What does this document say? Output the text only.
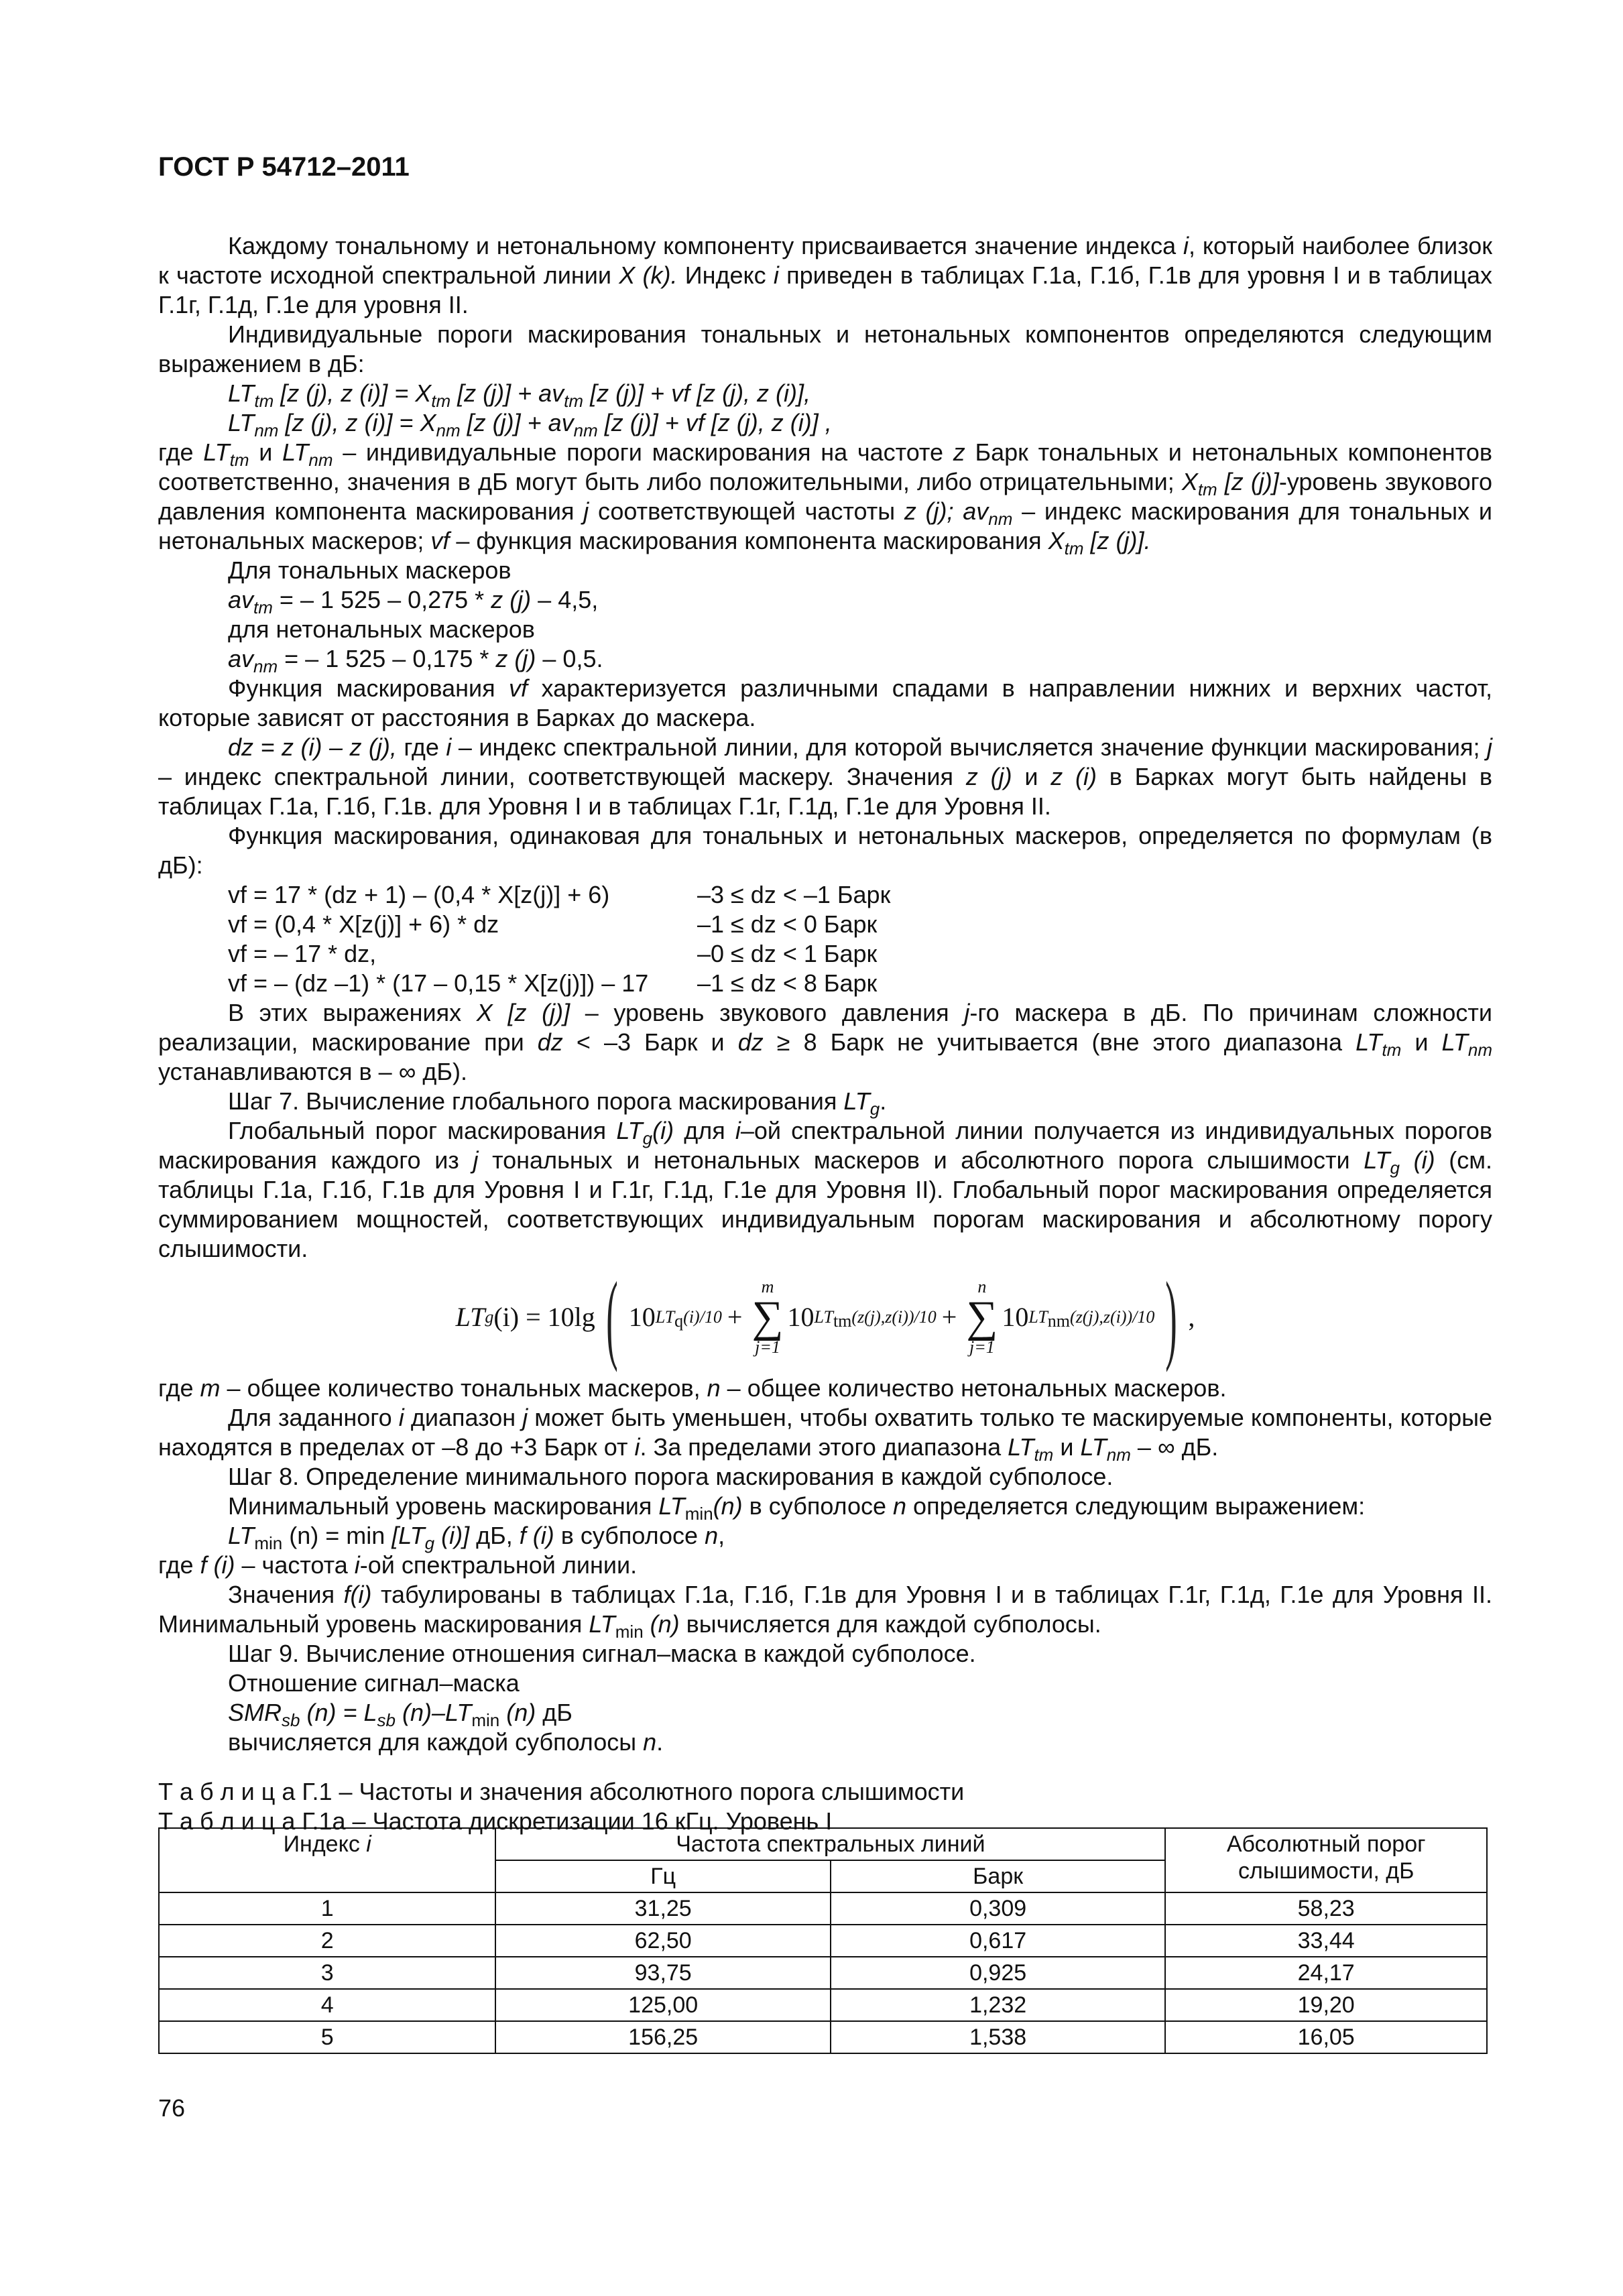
ГОСТ Р 54712–2011

Каждому тональному и нетональному компоненту присваивается значение индекса i, который наиболее близок к частоте исходной спектральной линии X (k). Индекс i приведен в таблицах Г.1а, Г.1б, Г.1в для уровня I и в таблицах Г.1г, Г.1д, Г.1е для уровня II.

Индивидуальные пороги маскирования тональных и нетональных компонентов определяются следующим выражением в дБ:

$LT_{tm}$ [z (j), z $(i)] = X_{tm}$ [z $(j)] + av_{tm}$ [z (j)] + vf [z (j), z (i)],

$LT_{nm}$ [z (j), z $(i)] = X_{nm}$ [z $(j)] + av_{nm}$ [z (j)] + vf [z (j), z (i)] ,

где $LT_{tm}$ и $LT_{nm}$ – индивидуальные пороги маскирования на частоте z Барк тональных и нетональных компонентов соответственно, значения в дБ могут быть либо положительными, либо отрицательными; $X_{tm}$ [z (j)]-уровень звукового давления компонента маскирования j соответствующей частоты z (j); $av_{nm}$ – индекс маскирования для тональных и нетональных маскеров; vf – функция маскирования компонента маскирования $X_{tm}$ [z (j)].

Для тональных маскеров

$av_{tm}$ = – 1 525 – 0,275 * z (j) – 4,5,

для нетональных маскеров

$av_{nm}$ = – 1 525 – 0,175 * z (j) – 0,5.

Функция маскирования vf характеризуется различными спадами в направлении нижних и верхних частот, которые зависят от расстояния в Барках до маскера.

dz = z (i) – z (j), где i – индекс спектральной линии, для которой вычисляется значение функции маскирования; j – индекс спектральной линии, соответствующей маскеру. Значения z (j) и z (i) в Барках могут быть найдены в таблицах Г.1а, Г.1б, Г.1в. для Уровня I и в таблицах Г.1г, Г.1д, Г.1е для Уровня II.

Функция маскирования, одинаковая для тональных и нетональных маскеров, определяется по формулам (в дБ):

vf = 17 * (dz + 1) – (0,4 * X[z(j)] + 6)	–3 ≤ dz < –1 Барк
vf = (0,4 * X[z(j)] + 6) * dz	–1 ≤ dz < 0 Барк
vf = – 17 * dz,	–0 ≤ dz < 1 Барк
vf = – (dz –1) * (17 – 0,15 * X[z(j)]) – 17	–1 ≤ dz < 8 Барк

В этих выражениях X [z (j)] – уровень звукового давления j-го маскера в дБ. По причинам сложности реализации, маскирование при dz < –3 Барк и dz ≥ 8 Барк не учитывается (вне этого диапазона $LT_{tm}$ и $LT_{nm}$ устанавливаются в – ∞ дБ).

Шаг 7. Вычисление глобального порога маскирования $LT_g$.

Глобальный порог маскирования $LT_g(i)$ для i–ой спектральной линии получается из индивидуальных порогов маскирования каждого из j тональных и нетональных маскеров и абсолютного порога слышимости $LT_g$ (i) (см. таблицы Г.1а, Г.1б, Г.1в для Уровня I и Г.1г, Г.1д, Г.1е для Уровня II). Глобальный порог маскирования определяется суммированием мощностей, соответствующих индивидуальным порогам маскирования и абсолютному порогу слышимости.

LT g (i) = 10lg ( 10 $LT_q(i)/10$ +
m
∑
j=1
10 $LT_{tm}(z(j),z(i))/10$ +
n
∑
j=1
10 $LT_{nm}(z(j),z(i))/10$ ) ,

где m – общее количество тональных маскеров, n – общее количество нетональных маскеров.

Для заданного i диапазон j может быть уменьшен, чтобы охватить только те маскируемые компоненты, которые находятся в пределах от –8 до +3 Барк от i. За пределами этого диапазона $LT_{tm}$ и $LT_{nm}$ – ∞ дБ.

Шаг 8. Определение минимального порога маскирования в каждой субполосе.

Минимальный уровень маскирования $LT_{min}(n)$ в субполосе n определяется следующим выражением:

$LT_{min}$ $(n) = \min [LT_g$ (i)] дБ, f (i) в субполосе n,

где f (i) – частота i-ой спектральной линии.

Значения f(i) табулированы в таблицах Г.1а, Г.1б, Г.1в для Уровня I и в таблицах Г.1г, Г.1д, Г.1е для Уровня II. Минимальный уровень маскирования $LT_{min}$ (n) вычисляется для каждой субполосы.

Шаг 9. Вычисление отношения сигнал–маска в каждой субполосе.

Отношение сигнал–маска

$SMR_{sb}$ $(n) = L_{sb}$ $(n)-LT_{min}$ (n) дБ

вычисляется для каждой субполосы n.

Т а б л и ц а Г.1 – Частоты и значения абсолютного порога слышимости

Т а б л и ц а Г.1а – Частота дискретизации 16 кГц. Уровень I

Индекс i	Частота спектральных линий		Абсолютный порог слышимости, дБ
	Гц	Барк	
1	31,25	0,309	58,23
2	62,50	0,617	33,44
3	93,75	0,925	24,17
4	125,00	1,232	19,20
5	156,25	1,538	16,05
76
